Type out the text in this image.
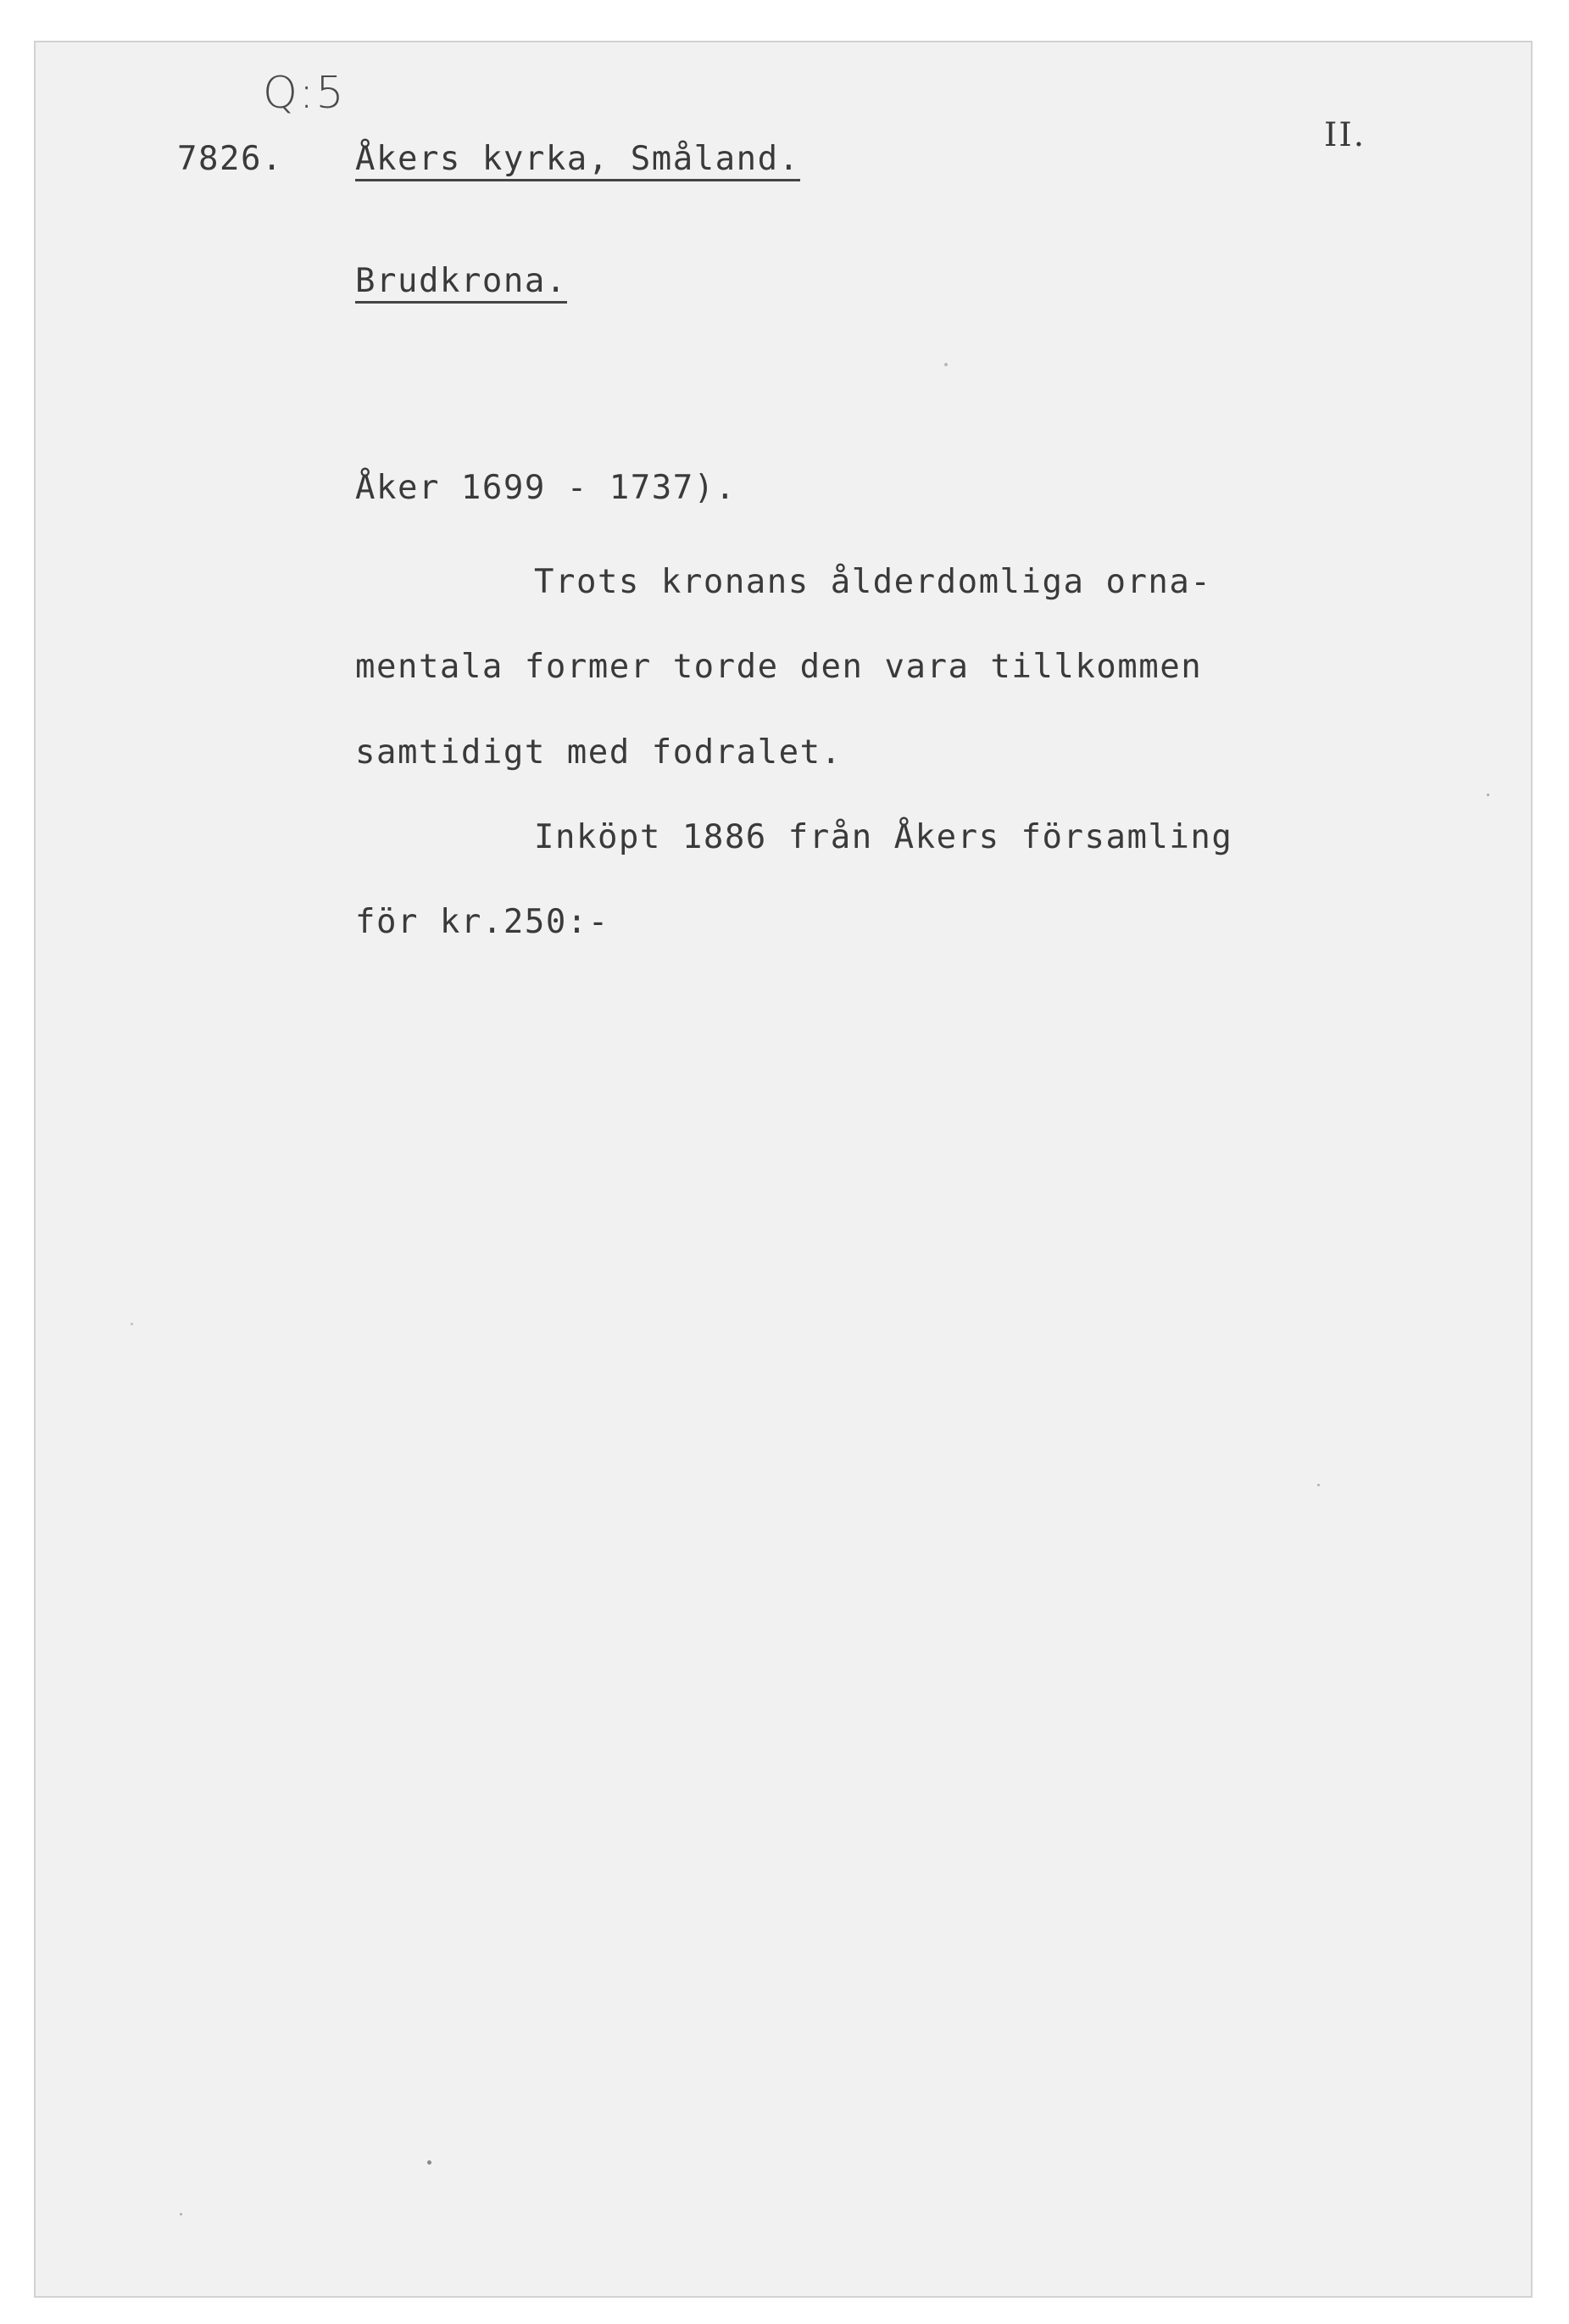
Q:5
7826. Åkers kyrka, Småland.
II.
Brudkrona.
Åker 1699 - 1737).
Trots kronans ålderdomliga orna-
mentala former torde den vara tillkommen
samtidigt med fodralet.
Inköpt 1886 från Åkers församling
för kr.250:-
